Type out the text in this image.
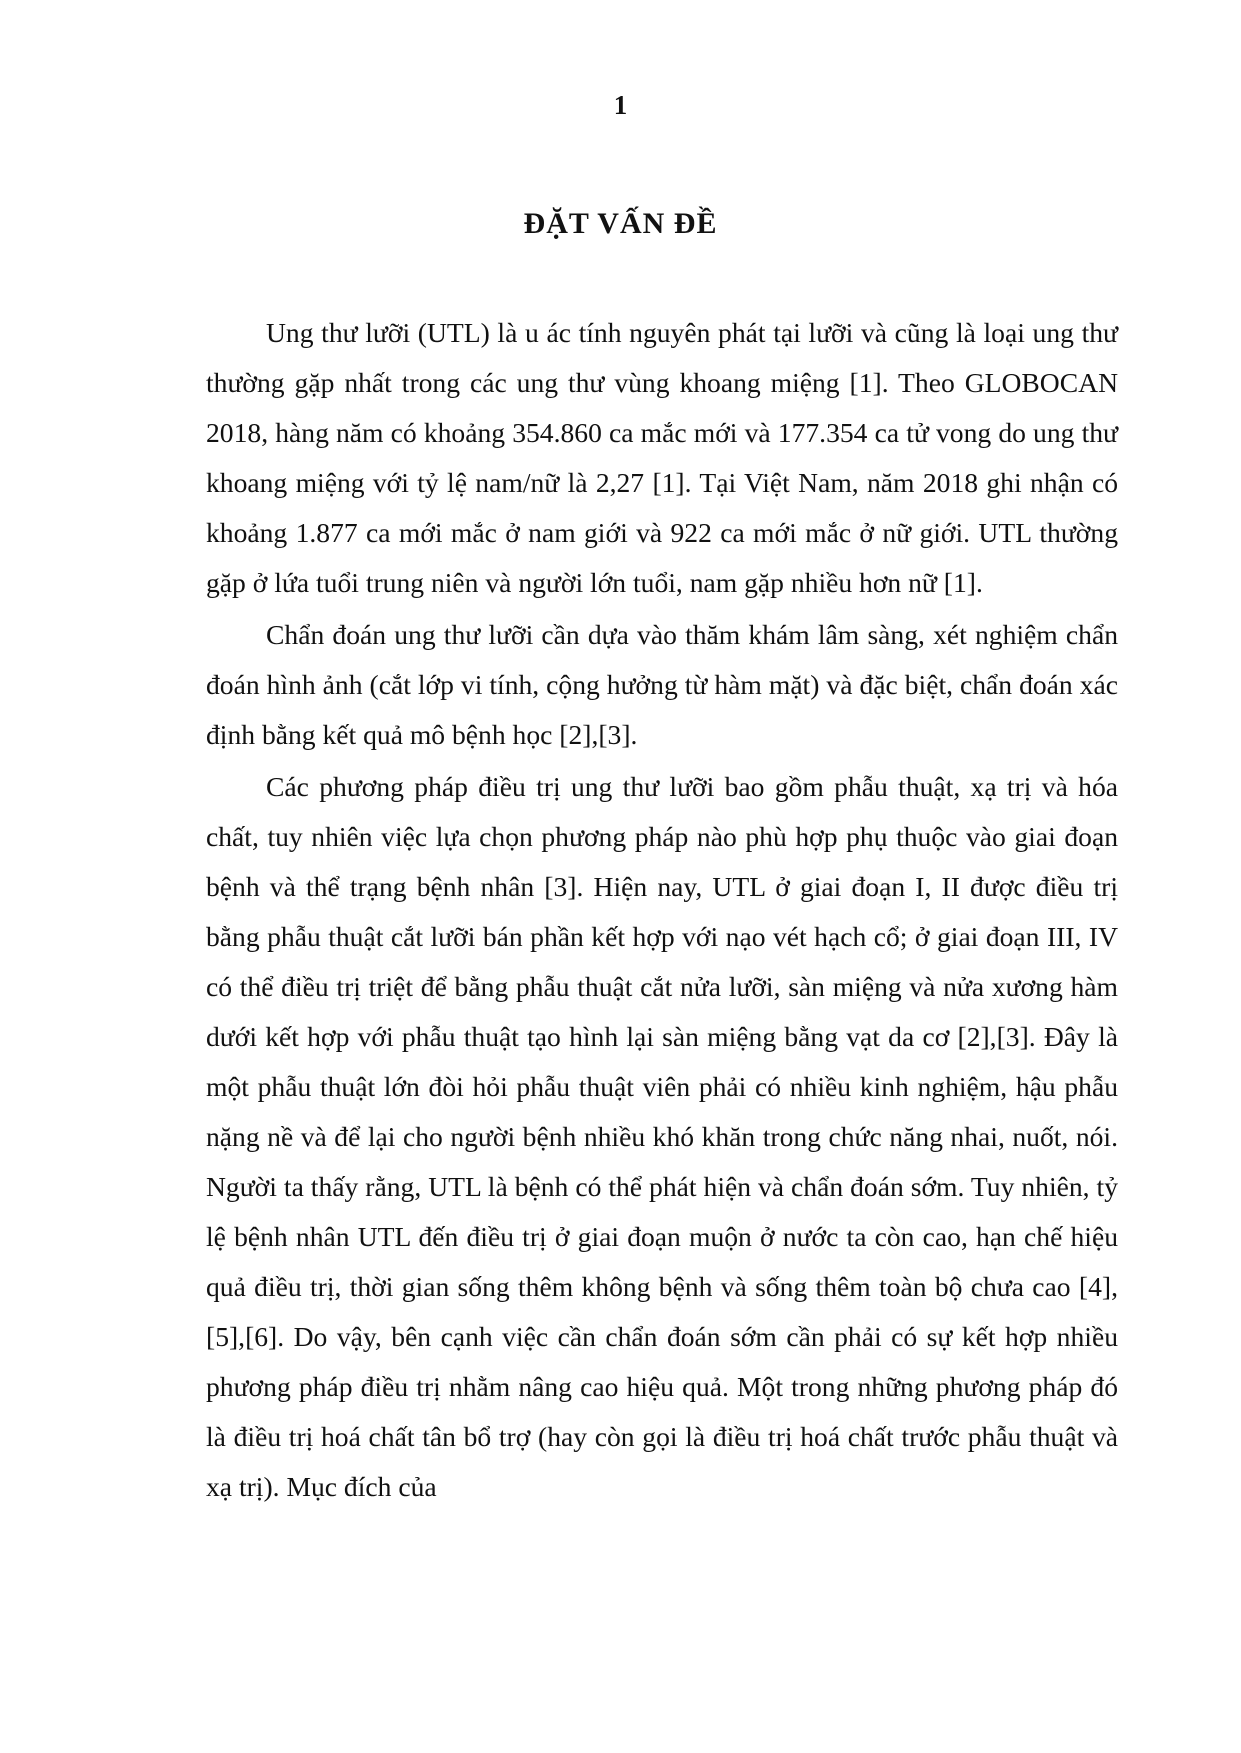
1
ĐẶT VẤN ĐỀ

Ung thư lưỡi (UTL) là u ác tính nguyên phát tại lưỡi và cũng là loại ung thư thường gặp nhất trong các ung thư vùng khoang miệng [1]. Theo GLOBOCAN 2018, hàng năm có khoảng 354.860 ca mắc mới và 177.354 ca tử vong do ung thư khoang miệng với tỷ lệ nam/nữ là 2,27 [1]. Tại Việt Nam, năm 2018 ghi nhận có khoảng 1.877 ca mới mắc ở nam giới và 922 ca mới mắc ở nữ giới. UTL thường gặp ở lứa tuổi trung niên và người lớn tuổi, nam gặp nhiều hơn nữ [1].

Chẩn đoán ung thư lưỡi cần dựa vào thăm khám lâm sàng, xét nghiệm chẩn đoán hình ảnh (cắt lớp vi tính, cộng hưởng từ hàm mặt) và đặc biệt, chẩn đoán xác định bằng kết quả mô bệnh học [2],[3].

Các phương pháp điều trị ung thư lưỡi bao gồm phẫu thuật, xạ trị và hóa chất, tuy nhiên việc lựa chọn phương pháp nào phù hợp phụ thuộc vào giai đoạn bệnh và thể trạng bệnh nhân [3]. Hiện nay, UTL ở giai đoạn I, II được điều trị bằng phẫu thuật cắt lưỡi bán phần kết hợp với nạo vét hạch cổ; ở giai đoạn III, IV có thể điều trị triệt để bằng phẫu thuật cắt nửa lưỡi, sàn miệng và nửa xương hàm dưới kết hợp với phẫu thuật tạo hình lại sàn miệng bằng vạt da cơ [2],[3]. Đây là một phẫu thuật lớn đòi hỏi phẫu thuật viên phải có nhiều kinh nghiệm, hậu phẫu nặng nề và để lại cho người bệnh nhiều khó khăn trong chức năng nhai, nuốt, nói. Người ta thấy rằng, UTL là bệnh có thể phát hiện và chẩn đoán sớm. Tuy nhiên, tỷ lệ bệnh nhân UTL đến điều trị ở giai đoạn muộn ở nước ta còn cao, hạn chế hiệu quả điều trị, thời gian sống thêm không bệnh và sống thêm toàn bộ chưa cao [4],[5],[6]. Do vậy, bên cạnh việc cần chẩn đoán sớm cần phải có sự kết hợp nhiều phương pháp điều trị nhằm nâng cao hiệu quả. Một trong những phương pháp đó là điều trị hoá chất tân bổ trợ (hay còn gọi là điều trị hoá chất trước phẫu thuật và xạ trị). Mục đích của
